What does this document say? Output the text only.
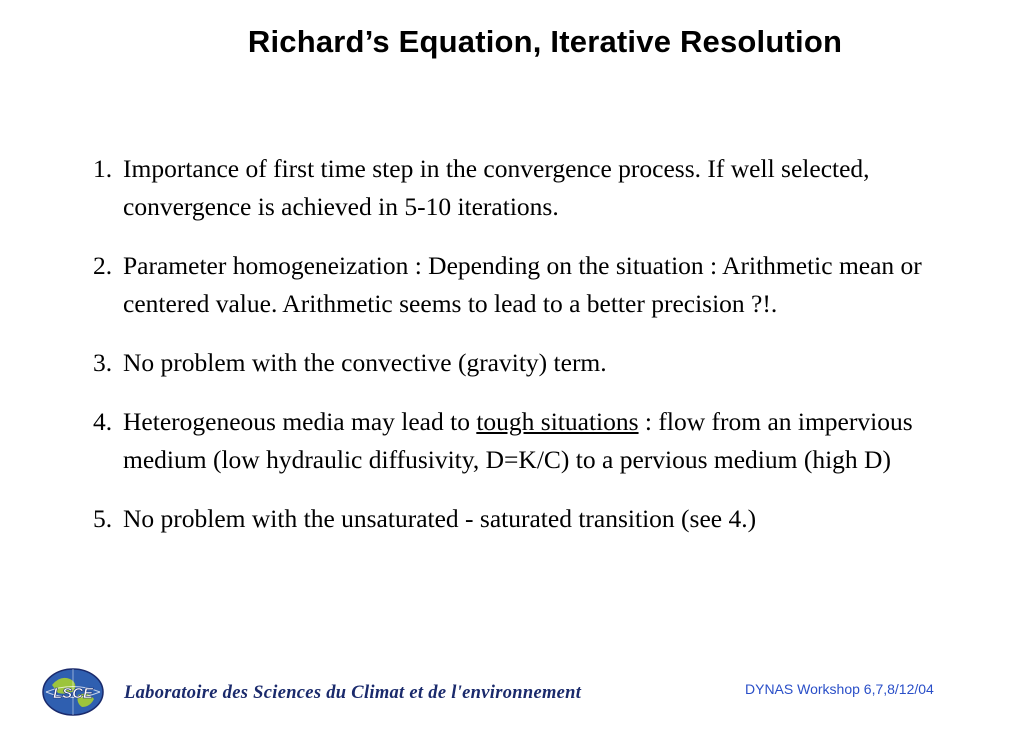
Richard’s Equation, Iterative Resolution
1. Importance of first time step in the convergence process. If well selected, convergence is achieved in 5-10 iterations.
2. Parameter homogeneization : Depending on the situation : Arithmetic mean or centered value. Arithmetic seems to lead to a better precision ?!.
3. No problem with the convective (gravity) term.
4. Heterogeneous media may lead to tough situations : flow from an impervious medium (low hydraulic diffusivity, D=K/C) to a pervious medium (high D)
5. No problem with the unsaturated - saturated transition (see 4.)
LSCE Laboratoire des Sciences du Climat et de l'environnement	DYNAS Workshop 6,7,8/12/04
